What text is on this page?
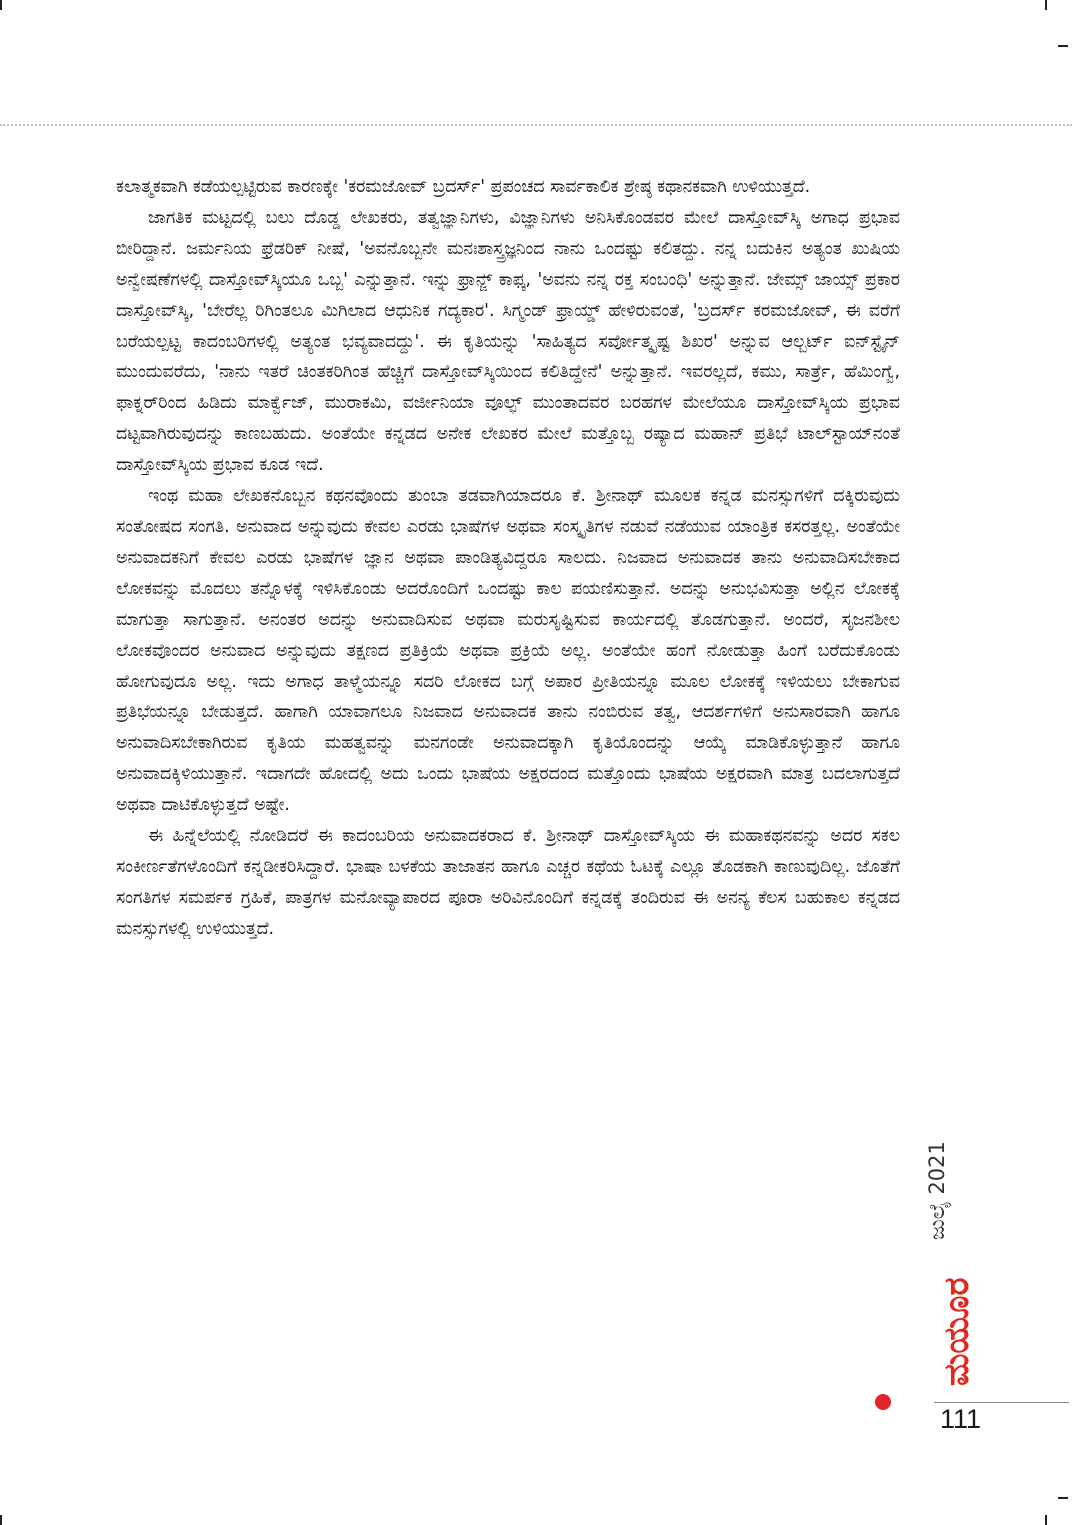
ಕಲಾತ್ಮಕವಾಗಿ ಕಡೆಯಲ್ಪಟ್ಟಿರುವ ಕಾರಣಕ್ಕೇ 'ಕರಮಜೋವ್ ಬ್ರದರ್ಸ್' ಪ್ರಪಂಚದ ಸಾರ್ವಕಾಲಿಕ ಶ್ರೇಷ್ಠ ಕಥಾನಕವಾಗಿ ಉಳಿಯುತ್ತದೆ.

ಜಾಗತಿಕ ಮಟ್ಟದಲ್ಲಿ ಬಲು ದೊಡ್ಡ ಲೇಖಕರು, ತತ್ವಜ್ಞಾನಿಗಳು, ವಿಜ್ಞಾನಿಗಳು ಅನಿಸಿಕೊಂಡವರ ಮೇಲೆ ದಾಸ್ತೋವ್‌ಸ್ಕಿ ಅಗಾಧ ಪ್ರಭಾವ ಬೀರಿದ್ದಾನೆ. ಜರ್ಮನಿಯ ಫ್ರೆಡರಿಕ್ ನೀಷೆ, 'ಅವನೊಬ್ಬನೇ ಮನಃಶಾಸ್ತ್ರಜ್ಞನಿಂದ ನಾನು ಒಂದಷ್ಟು ಕಲಿತದ್ದು. ನನ್ನ ಬದುಕಿನ ಅತ್ಯಂತ ಖುಷಿಯ ಅನ್ವೇಷಣೆಗಳಲ್ಲಿ ದಾಸ್ತೋವ್‌ಸ್ಕಿಯೂ ಒಬ್ಬ' ಎನ್ನುತ್ತಾನೆ. ಇನ್ನು ಫ್ರಾನ್ಜ್ ಕಾಫ್ಕ, 'ಅವನು ನನ್ನ ರಕ್ತ ಸಂಬಂಧಿ' ಅನ್ನುತ್ತಾನೆ. ಜೇಮ್ಸ್ ಜಾಯ್ಸ್ ಪ್ರಕಾರ ದಾಸ್ತೋವ್‌ಸ್ಕಿ, 'ಬೇರೆಲ್ಲ ರಿಗಿಂತಲೂ ಮಿಗಿಲಾದ ಆಧುನಿಕ ಗದ್ಯಕಾರ'. ಸಿಗ್ಮಂಡ್ ಫ್ರಾಯ್ಡ್ ಹೇಳಿರುವಂತೆ, 'ಬ್ರದರ್ಸ್ ಕರಮಜೋವ್, ಈ ವರೆಗೆ ಬರೆಯಲ್ಪಟ್ಟ ಕಾದಂಬರಿಗಳಲ್ಲಿ ಅತ್ಯಂತ ಭವ್ಯವಾದದ್ದು'. ಈ ಕೃತಿಯನ್ನು 'ಸಾಹಿತ್ಯದ ಸರ್ವೋತ್ಕೃಷ್ಟ ಶಿಖರ' ಅನ್ನುವ ಆಲ್ಬರ್ಟ್ ಐನ್‌ಸ್ಟೈನ್ ಮುಂದುವರೆದು, 'ನಾನು ಇತರೆ ಚಿಂತಕರಿಗಿಂತ ಹೆಚ್ಚಿಗೆ ದಾಸ್ತೋವ್‌ಸ್ಕಿಯಿಂದ ಕಲಿತಿದ್ದೇನೆ' ಅನ್ನುತ್ತಾನೆ. ಇವರಲ್ಲದೆ, ಕಮು, ಸಾರ್ತ್ರೆ, ಹೆಮಿಂಗ್ವೆ, ಫಾಕ್ನರ್‌ರಿಂದ ಹಿಡಿದು ಮಾರ್ಕ್ವೆಜ್, ಮುರಾಕಮಿ, ವರ್ಜೀನಿಯಾ ವೂಲ್ಫ್ ಮುಂತಾದವರ ಬರಹಗಳ ಮೇಲೆಯೂ ದಾಸ್ತೋವ್‌ಸ್ಕಿಯ ಪ್ರಭಾವ ದಟ್ಟವಾಗಿರುವುದನ್ನು ಕಾಣಬಹುದು. ಅಂತೆಯೇ ಕನ್ನಡದ ಅನೇಕ ಲೇಖಕರ ಮೇಲೆ ಮತ್ತೊಬ್ಬ ರಷ್ಯಾದ ಮಹಾನ್ ಪ್ರತಿಭೆ ಟಾಲ್‌ಸ್ಟಾಯ್‌ನಂತೆ ದಾಸ್ತೋವ್‌ಸ್ಕಿಯ ಪ್ರಭಾವ ಕೂಡ ಇದೆ.

ಇಂಥ ಮಹಾ ಲೇಖಕನೊಬ್ಬನ ಕಥನವೊಂದು ತುಂಬಾ ತಡವಾಗಿಯಾದರೂ ಕೆ. ಶ್ರೀನಾಥ್ ಮೂಲಕ ಕನ್ನಡ ಮನಸ್ಸುಗಳಿಗೆ ದಕ್ಕಿರುವುದು ಸಂತೋಷದ ಸಂಗತಿ. ಅನುವಾದ ಅನ್ನುವುದು ಕೇವಲ ಎರಡು ಭಾಷೆಗಳ ಅಥವಾ ಸಂಸ್ಕೃತಿಗಳ ನಡುವೆ ನಡೆಯುವ ಯಾಂತ್ರಿಕ ಕಸರತ್ತಲ್ಲ. ಅಂತೆಯೇ ಅನುವಾದಕನಿಗೆ ಕೇವಲ ಎರಡು ಭಾಷೆಗಳ ಜ್ಞಾನ ಅಥವಾ ಪಾಂಡಿತ್ಯವಿದ್ದರೂ ಸಾಲದು. ನಿಜವಾದ ಅನುವಾದಕ ತಾನು ಅನುವಾದಿಸಬೇಕಾದ ಲೋಕವನ್ನು ಮೊದಲು ತನ್ನೊಳಕ್ಕೆ ಇಳಿಸಿಕೊಂಡು ಅದರೊಂದಿಗೆ ಒಂದಷ್ಟು ಕಾಲ ಪಯಣಿಸುತ್ತಾನೆ. ಅದನ್ನು ಅನುಭವಿಸುತ್ತಾ ಅಲ್ಲಿನ ಲೋಕಕ್ಕೆ ಮಾಗುತ್ತಾ ಸಾಗುತ್ತಾನೆ. ಅನಂತರ ಅದನ್ನು ಅನುವಾದಿಸುವ ಅಥವಾ ಮರುಸೃಷ್ಟಿಸುವ ಕಾರ್ಯದಲ್ಲಿ ತೊಡಗುತ್ತಾನೆ. ಅಂದರೆ, ಸೃಜನಶೀಲ ಲೋಕವೊಂದರ ಅನುವಾದ ಅನ್ನುವುದು ತಕ್ಷಣದ ಪ್ರತಿಕ್ರಿಯೆ ಅಥವಾ ಪ್ರಕ್ರಿಯೆ ಅಲ್ಲ. ಅಂತೆಯೇ ಹಂಗೆ ನೋಡುತ್ತಾ ಹಿಂಗೆ ಬರೆದುಕೊಂಡು ಹೋಗುವುದೂ ಅಲ್ಲ. ಇದು ಅಗಾಧ ತಾಳ್ಮೆಯನ್ನೂ ಸದರಿ ಲೋಕದ ಬಗ್ಗೆ ಅಪಾರ ಪ್ರೀತಿಯನ್ನೂ ಮೂಲ ಲೋಕಕ್ಕೆ ಇಳಿಯಲು ಬೇಕಾಗುವ ಪ್ರತಿಭೆಯನ್ನೂ ಬೇಡುತ್ತದೆ. ಹಾಗಾಗಿ ಯಾವಾಗಲೂ ನಿಜವಾದ ಅನುವಾದಕ ತಾನು ನಂಬಿರುವ ತತ್ವ, ಆದರ್ಶಗಳಿಗೆ ಅನುಸಾರವಾಗಿ ಹಾಗೂ ಅನುವಾದಿಸಬೇಕಾಗಿರುವ ಕೃತಿಯ ಮಹತ್ವವನ್ನು ಮನಗಂಡೇ ಅನುವಾದಕ್ಕಾಗಿ ಕೃತಿಯೊಂದನ್ನು ಆಯ್ಕೆ ಮಾಡಿಕೊಳ್ಳುತ್ತಾನೆ ಹಾಗೂ ಅನುವಾದಕ್ಕಿಳಿಯುತ್ತಾನೆ. ಇದಾಗದೇ ಹೋದಲ್ಲಿ ಅದು ಒಂದು ಭಾಷೆಯ ಅಕ್ಷರದಂದ ಮತ್ತೊಂದು ಭಾಷೆಯ ಅಕ್ಷರವಾಗಿ ಮಾತ್ರ ಬದಲಾಗುತ್ತದೆ ಅಥವಾ ದಾಟಿಕೊಳ್ಳುತ್ತದೆ ಅಷ್ಟೇ.

ಈ ಹಿನ್ನೆಲೆಯಲ್ಲಿ ನೋಡಿದರೆ ಈ ಕಾದಂಬರಿಯ ಅನುವಾದಕರಾದ ಕೆ. ಶ್ರೀನಾಥ್ ದಾಸ್ತೋವ್‌ಸ್ಕಿಯ ಈ ಮಹಾಕಥನವನ್ನು ಅದರ ಸಕಲ ಸಂಕೀರ್ಣತೆಗಳೊಂದಿಗೆ ಕನ್ನಡೀಕರಿಸಿದ್ದಾರೆ. ಭಾಷಾ ಬಳಕೆಯ ತಾಜಾತನ ಹಾಗೂ ಎಚ್ಚರ ಕಥೆಯ ಓಟಕ್ಕೆ ಎಲ್ಲೂ ತೊಡಕಾಗಿ ಕಾಣುವುದಿಲ್ಲ. ಜೊತೆಗೆ ಸಂಗತಿಗಳ ಸಮರ್ಪಕ ಗ್ರಹಿಕೆ, ಪಾತ್ರಗಳ ಮನೋವ್ಯಾಪಾರದ ಪೂರಾ ಅರಿವಿನೊಂದಿಗೆ ಕನ್ನಡಕ್ಕೆ ತಂದಿರುವ ಈ ಅನನ್ಯ ಕೆಲಸ ಬಹುಕಾಲ ಕನ್ನಡದ ಮನಸ್ಸುಗಳಲ್ಲಿ ಉಳಿಯುತ್ತದೆ.

ಜುಲೈ 2021
ಮಯೂರ
111
